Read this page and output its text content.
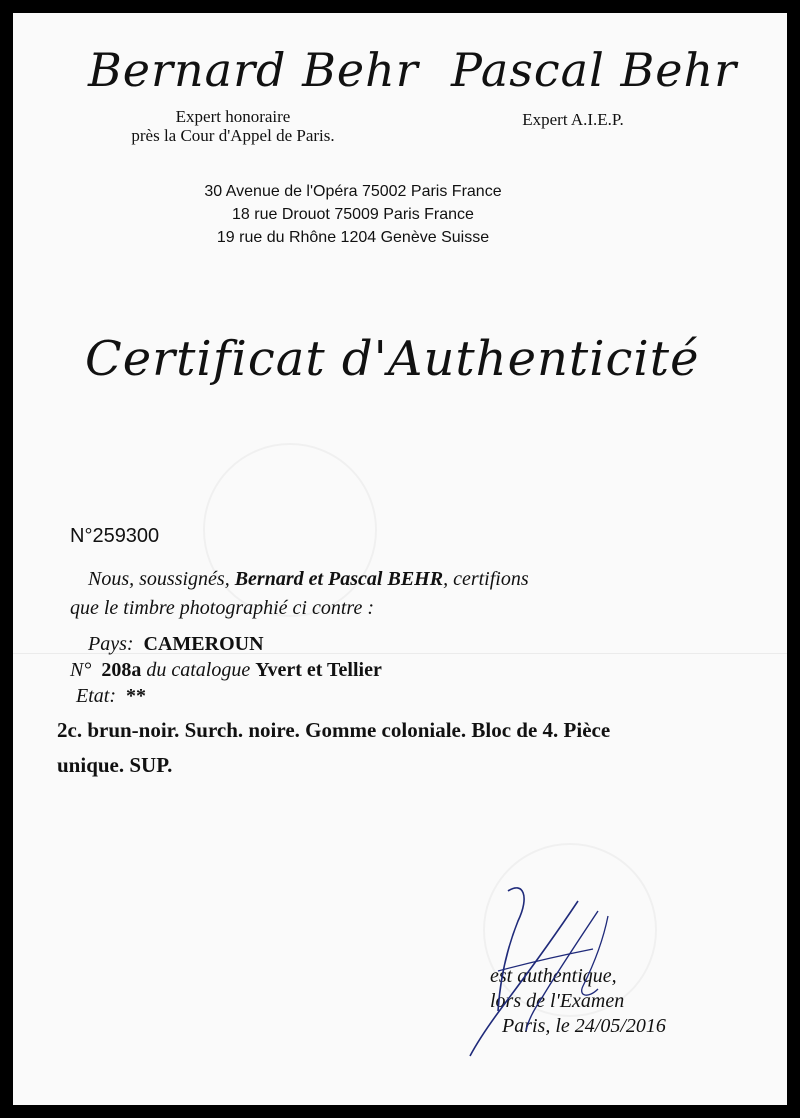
Bernard Behr Pascal Behr
Expert honoraire
près la Cour d'Appel de Paris.
Expert A.I.E.P.
30 Avenue de l'Opéra 75002 Paris France
18 rue Drouot 75009 Paris France
19 rue du Rhône 1204 Genève Suisse
Certificat d'Authenticité
N°259300
Nous, soussignés, Bernard et Pascal BEHR, certifions
que le timbre photographié ci contre :
Pays: CAMEROUN
N° 208a du catalogue Yvert et Tellier
Etat: **
2c. brun-noir. Surch. noire. Gomme coloniale. Bloc de 4. Pièce
unique. SUP.
est authentique,
lors de l'Examen
Paris, le 24/05/2016
